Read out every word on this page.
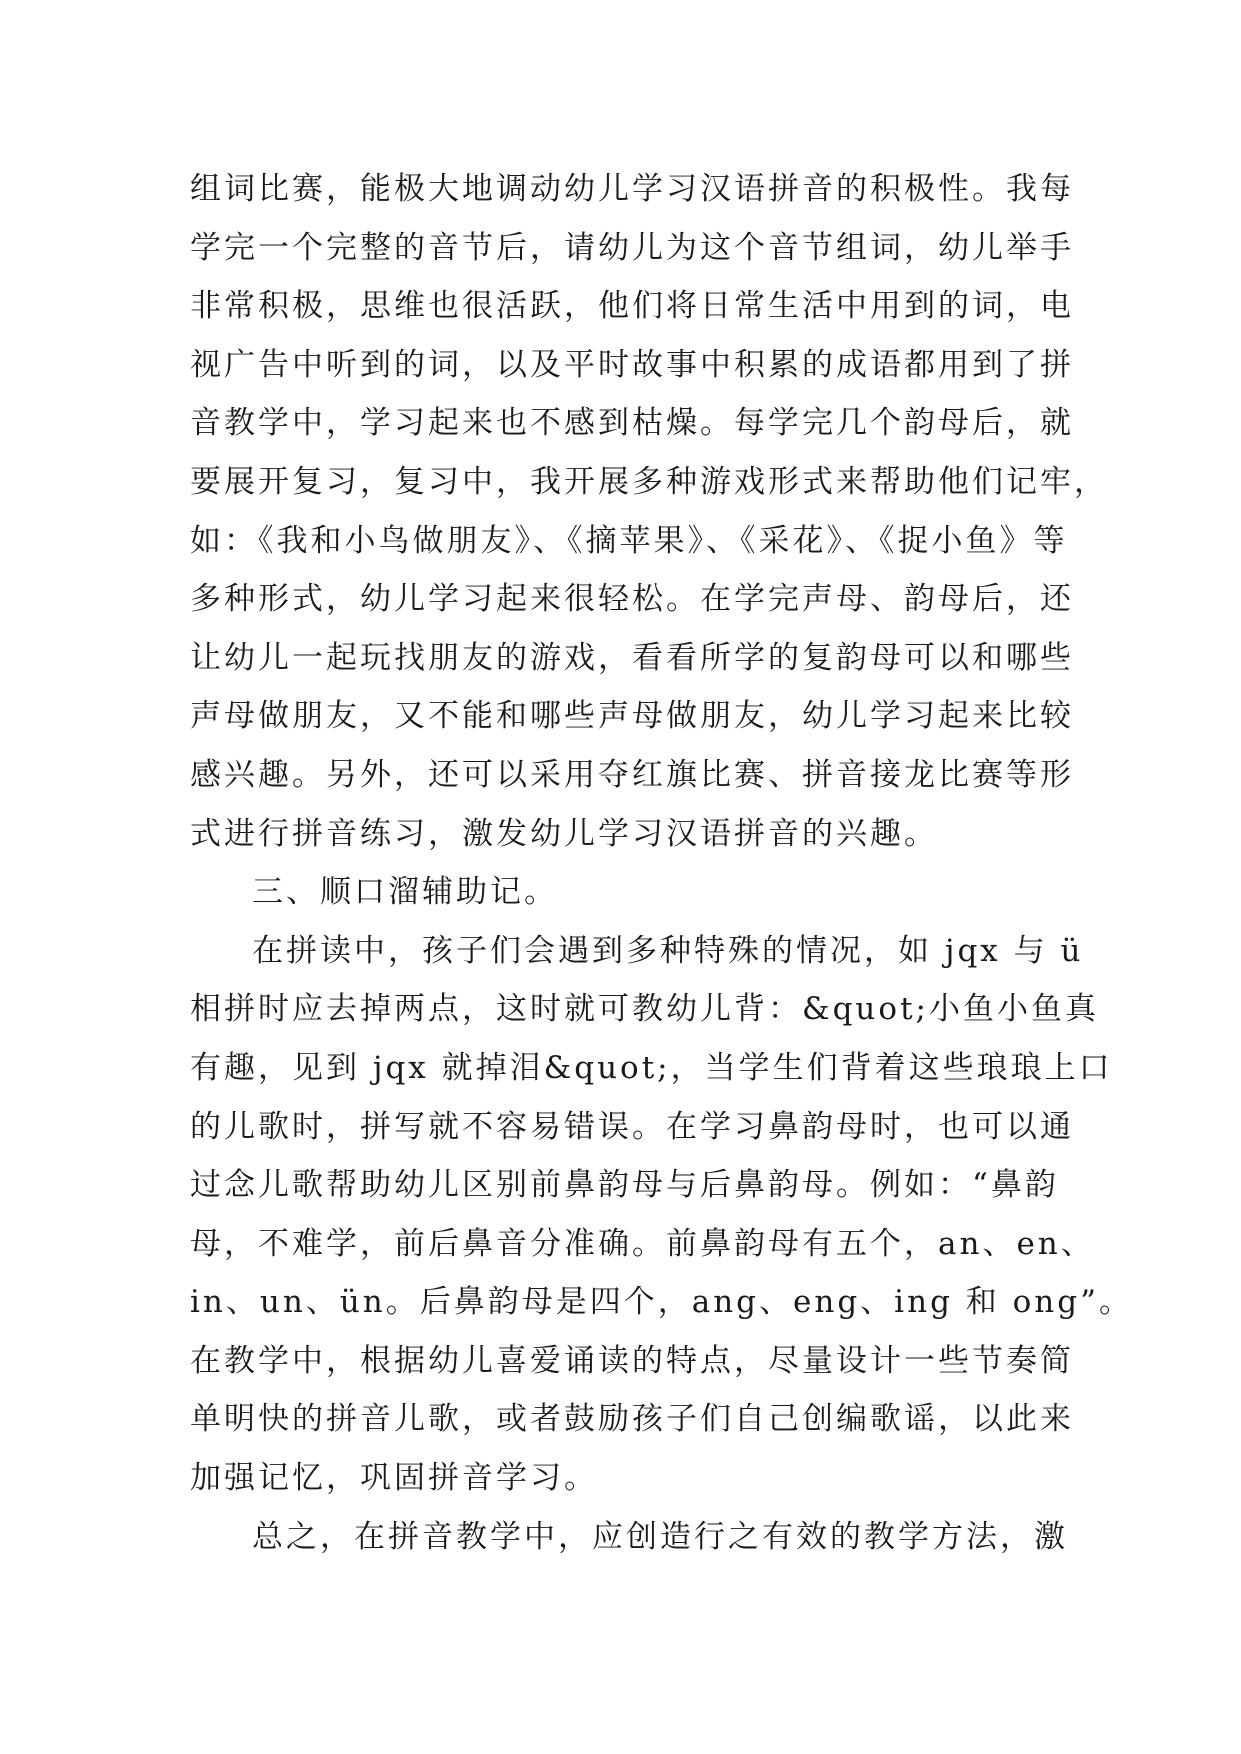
组词比赛，能极大地调动幼儿学习汉语拼音的积极性。我每
学完一个完整的音节后，请幼儿为这个音节组词，幼儿举手
非常积极，思维也很活跃，他们将日常生活中用到的词，电
视广告中听到的词，以及平时故事中积累的成语都用到了拼
音教学中，学习起来也不感到枯燥。每学完几个韵母后，就
要展开复习，复习中，我开展多种游戏形式来帮助他们记牢，
如：《我和小鸟做朋友》、《摘苹果》、《采花》、《捉小鱼》等
多种形式，幼儿学习起来很轻松。在学完声母、韵母后，还
让幼儿一起玩找朋友的游戏，看看所学的复韵母可以和哪些
声母做朋友，又不能和哪些声母做朋友，幼儿学习起来比较
感兴趣。另外，还可以采用夺红旗比赛、拼音接龙比赛等形
式进行拼音练习，激发幼儿学习汉语拼音的兴趣。
三、顺口溜辅助记。
在拼读中，孩子们会遇到多种特殊的情况，如 jqx 与 ü
相拼时应去掉两点，这时就可教幼儿背：&quot;小鱼小鱼真
有趣，见到 jqx 就掉泪&quot;，当学生们背着这些琅琅上口
的儿歌时，拼写就不容易错误。在学习鼻韵母时，也可以通
过念儿歌帮助幼儿区别前鼻韵母与后鼻韵母。例如：“鼻韵
母，不难学，前后鼻音分准确。前鼻韵母有五个，an、en、
in、un、ün。后鼻韵母是四个，ang、eng、ing 和 ong”。
在教学中，根据幼儿喜爱诵读的特点，尽量设计一些节奏简
单明快的拼音儿歌，或者鼓励孩子们自己创编歌谣，以此来
加强记忆，巩固拼音学习。
总之，在拼音教学中，应创造行之有效的教学方法，激
